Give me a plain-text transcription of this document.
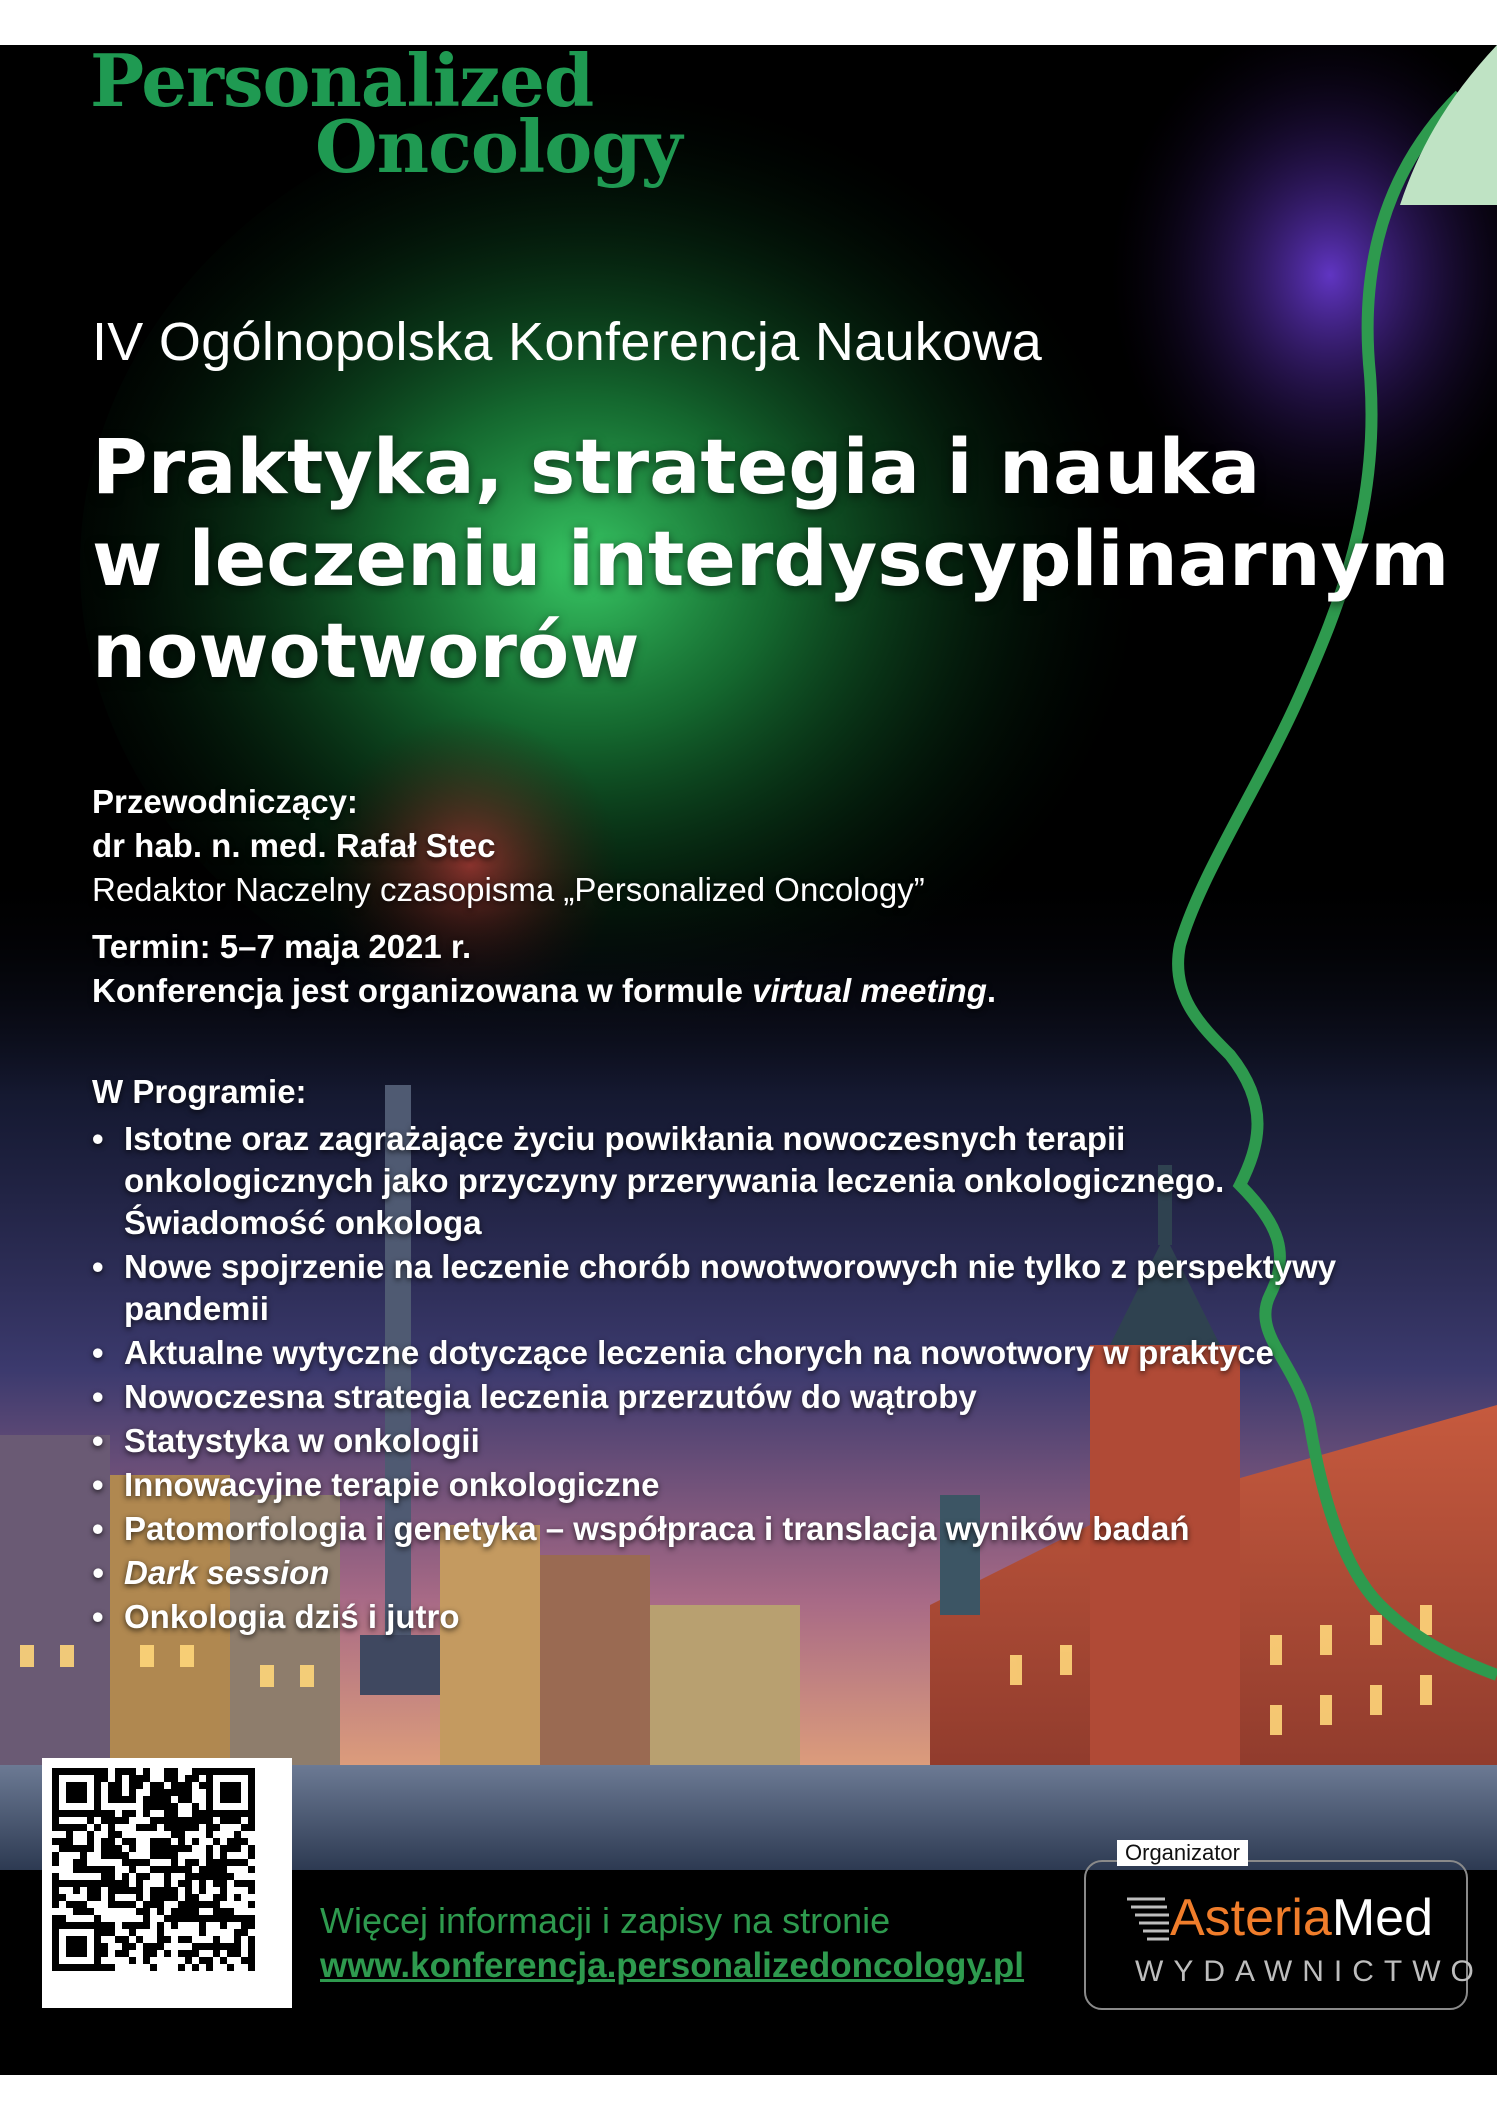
Personalized
Oncology
IV Ogólnopolska Konferencja Naukowa
Praktyka, strategia i nauka
w leczeniu interdyscyplinarnym
nowotworów
Przewodniczący:
dr hab. n. med. Rafał Stec
Redaktor Naczelny czasopisma „Personalized Oncology”
Termin: 5–7 maja 2021 r.
Konferencja jest organizowana w formule virtual meeting.
W Programie:
• Istotne oraz zagrażające życiu powikłania nowoczesnych terapii onkologicznych jako przyczyny przerywania leczenia onkologicznego. Świadomość onkologa
• Nowe spojrzenie na leczenie chorób nowotworowych nie tylko z perspektywy pandemii
• Aktualne wytyczne dotyczące leczenia chorych na nowotwory w praktyce
• Nowoczesna strategia leczenia przerzutów do wątroby
• Statystyka w onkologii
• Innowacyjne terapie onkologiczne
• Patomorfologia i genetyka – współpraca i translacja wyników badań
• Dark session
• Onkologia dziś i jutro
Więcej informacji i zapisy na stronie
www.konferencja.personalizedoncology.pl
Organizator
AsteriaMed
WYDAWNICTWO
